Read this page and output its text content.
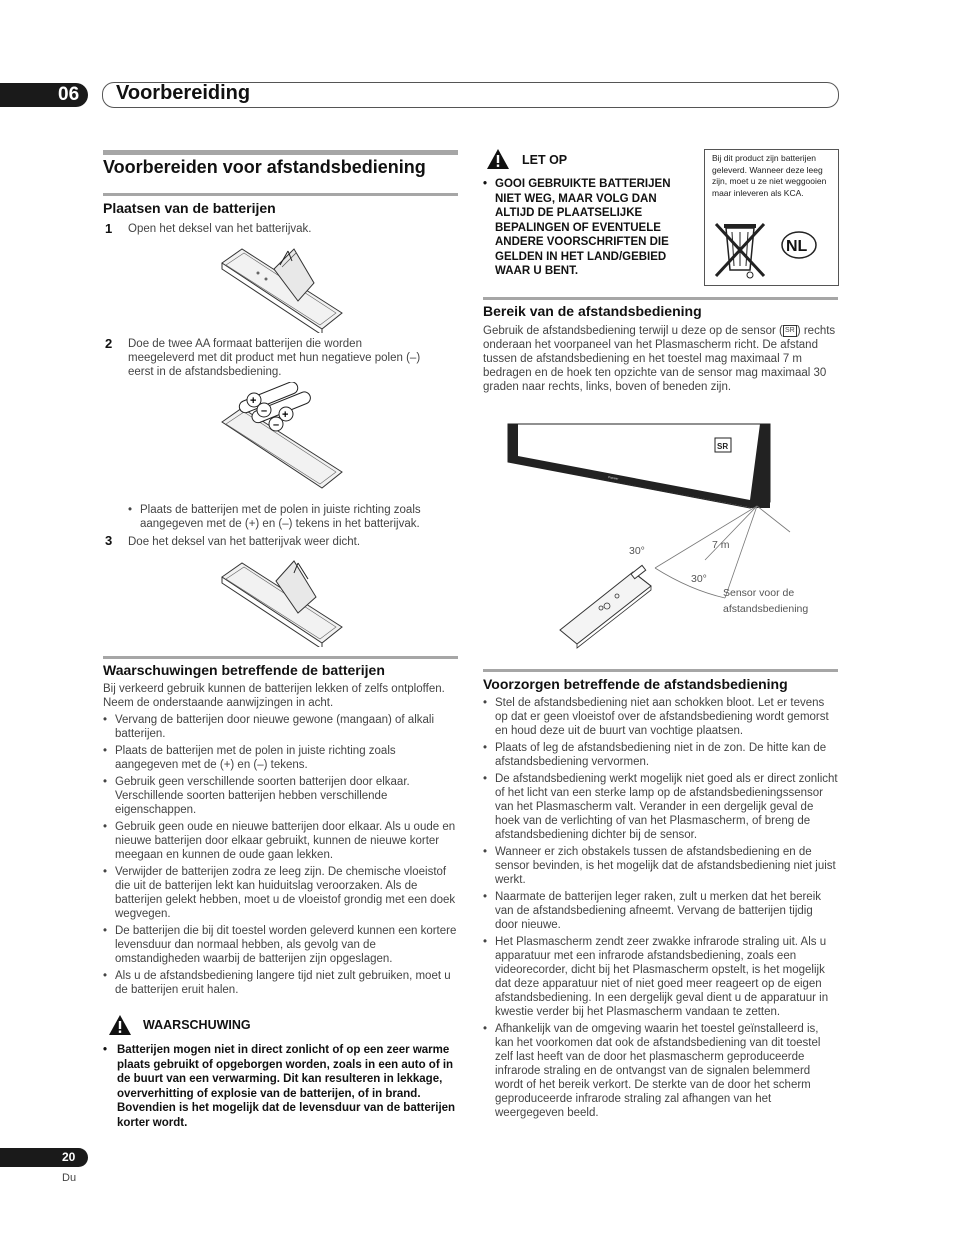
06 Voorbereiding
Voorbereiden voor afstandsbediening
Plaatsen van de batterijen
1 Open het deksel van het batterijvak.
2 Doe de twee AA formaat batterijen die worden meegeleverd met dit product met hun negatieve polen (–) eerst in de afstandsbediening.
+
– +
–
• Plaats de batterijen met de polen in juiste richting zoals aangegeven met de (+) en (–) tekens in het batterijvak.
3 Doe het deksel van het batterijvak weer dicht.
Waarschuwingen betreffende de batterijen
Bij verkeerd gebruik kunnen de batterijen lekken of zelfs ontploffen. Neem de onderstaande aanwijzingen in acht.
• Vervang de batterijen door nieuwe gewone (mangaan) of alkali batterijen.
• Plaats de batterijen met de polen in juiste richting zoals aangegeven met de (+) en (–) tekens.
• Gebruik geen verschillende soorten batterijen door elkaar. Verschillende soorten batterijen hebben verschillende eigenschappen.
• Gebruik geen oude en nieuwe batterijen door elkaar. Als u oude en nieuwe batterijen door elkaar gebruikt, kunnen de nieuwe korter meegaan en kunnen de oude gaan lekken.
• Verwijder de batterijen zodra ze leeg zijn. De chemische vloeistof die uit de batterijen lekt kan huiduitslag veroorzaken. Als de batterijen gelekt hebben, moet u de vloeistof grondig met een doek wegvegen.
• De batterijen die bij dit toestel worden geleverd kunnen een kortere levensduur dan normaal hebben, als gevolg van de omstandigheden waarbij de batterijen zijn opgeslagen.
• Als u de afstandsbediening langere tijd niet zult gebruiken, moet u de batterijen eruit halen.
WAARSCHUWING
• Batterijen mogen niet in direct zonlicht of op een zeer warme plaats gebruikt of opgeborgen worden, zoals in een auto of in de buurt van een verwarming. Dit kan resulteren in lekkage, oververhitting of explosie van de batterijen, of in brand. Bovendien is het mogelijk dat de levensduur van de batterijen korter wordt.
LET OP
• GOOI GEBRUIKTE BATTERIJEN NIET WEG, MAAR VOLG DAN ALTIJD DE PLAATSELIJKE BEPALINGEN OF EVENTUELE ANDERE VOORSCHRIFTEN DIE GELDEN IN HET LAND/GEBIED WAAR U BENT.
Bij dit product zijn batterijen geleverd. Wanneer deze leeg zijn, moet u ze niet weggooien maar inleveren als KCA.
NL
Bereik van de afstandsbediening
Gebruik de afstandsbediening terwijl u deze op de sensor ( SR ) rechts onderaan het voorpaneel van het Plasmascherm richt. De afstand tussen de afstandsbediening en het toestel mag maximaal 7 m bedragen en de hoek ten opzichte van de sensor mag maximaal 30 graden naar rechts, links, boven of beneden zijn.
SR
Pioneer
30°	7 m
30°
Sensor voor de
afstandsbediening
Voorzorgen betreffende de afstandsbediening
• Stel de afstandsbediening niet aan schokken bloot. Let er tevens op dat er geen vloeistof over de afstandsbediening wordt gemorst en houd deze uit de buurt van vochtige plaatsen.
• Plaats of leg de afstandsbediening niet in de zon. De hitte kan de afstandsbediening vervormen.
• De afstandsbediening werkt mogelijk niet goed als er direct zonlicht of het licht van een sterke lamp op de afstandsbedieningssensor van het Plasmascherm valt. Verander in een dergelijk geval de hoek van de verlichting of van het Plasmascherm, of breng de afstandsbediening dichter bij de sensor.
• Wanneer er zich obstakels tussen de afstandsbediening en de sensor bevinden, is het mogelijk dat de afstandsbediening niet juist werkt.
• Naarmate de batterijen leger raken, zult u merken dat het bereik van de afstandsbediening afneemt. Vervang de batterijen tijdig door nieuwe.
• Het Plasmascherm zendt zeer zwakke infrarode straling uit. Als u apparatuur met een infrarode afstandsbediening, zoals een videorecorder, dicht bij het Plasmascherm opstelt, is het mogelijk dat deze apparatuur niet of niet goed meer reageert op de eigen afstandsbediening. In een dergelijk geval dient u de apparatuur in kwestie verder bij het Plasmascherm vandaan te zetten.
• Afhankelijk van de omgeving waarin het toestel geïnstalleerd is, kan het voorkomen dat ook de afstandsbediening van dit toestel zelf last heeft van de door het plasmascherm geproduceerde infrarode straling en de ontvangst van de signalen belemmerd wordt of het bereik verkort. De sterkte van de door het scherm geproduceerde infrarode straling zal afhangen van het weergegeven beeld.
20
Du
